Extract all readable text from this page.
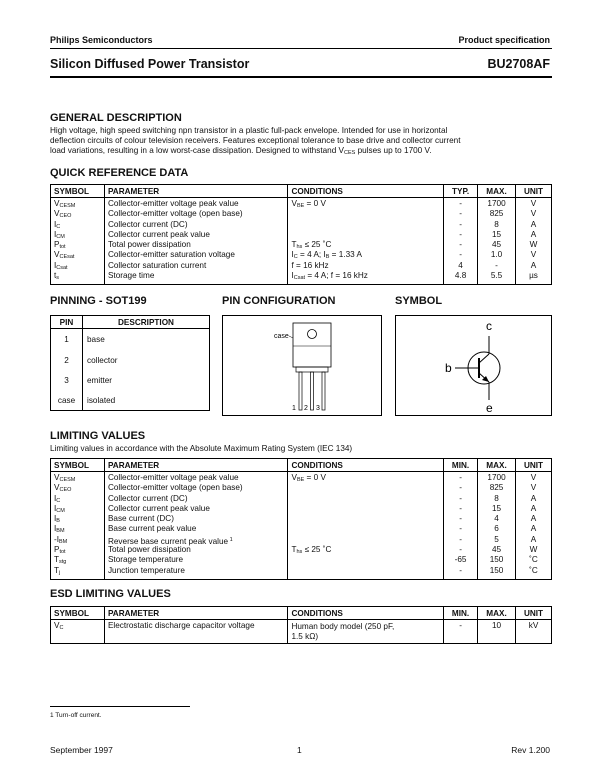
Philips Semiconductors	Product specification
Silicon Diffused Power Transistor	BU2708AF
GENERAL DESCRIPTION
High voltage, high speed switching npn transistor in a plastic full-pack envelope. Intended for use in horizontal
deflection circuits of colour television receivers. Features exceptional tolerance to base drive and collector current
load variations, resulting in a low worst-case dissipation. Designed to withstand VCES pulses up to 1700 V.
QUICK REFERENCE DATA
SYMBOL	PARAMETER	CONDITIONS	TYP.	MAX.	UNIT
VCESM	Collector-emitter voltage peak value	VBE = 0 V	-	1700	V
VCEO	Collector-emitter voltage (open base)		-	825	V
IC	Collector current (DC)		-	8	A
ICM	Collector current peak value		-	15	A
Ptot	Total power dissipation	Ths ≤ 25 ˚C	-	45	W
VCEsat	Collector-emitter saturation voltage	IC = 4 A; IB = 1.33 A	-	1.0	V
ICsat	Collector saturation current	f = 16 kHz	4	-	A
ts	Storage time	ICsat = 4 A; f = 16 kHz	4.8	5.5	µs
PINNING - SOT199	PIN CONFIGURATION	SYMBOL
PIN	DESCRIPTION
1	base
2	collector
3	emitter
case	isolated
case
1 2 3
c
b
e
LIMITING VALUES
Limiting values in accordance with the Absolute Maximum Rating System (IEC 134)
SYMBOL	PARAMETER	CONDITIONS	MIN.	MAX.	UNIT
VCESM	Collector-emitter voltage peak value	VBE = 0 V	-	1700	V
VCEO	Collector-emitter voltage (open base)		-	825	V
IC	Collector current (DC)		-	8	A
ICM	Collector current peak value		-	15	A
IB	Base current (DC)		-	4	A
IBM	Base current peak value		-	6	A
-IBM	Reverse base current peak value $^1$		-	5	A
Ptot	Total power dissipation	Ths ≤ 25 ˚C	-	45	W
Tstg	Storage temperature		-65	150	˚C
Tj	Junction temperature		-	150	˚C
ESD LIMITING VALUES
SYMBOL	PARAMETER	CONDITIONS	MIN.	MAX.	UNIT
VC	Electrostatic discharge capacitor voltage	Human body model (250 pF,
1.5 kΩ)	-	10	kV
1 Turn-off current.
September 1997	1	Rev 1.200
